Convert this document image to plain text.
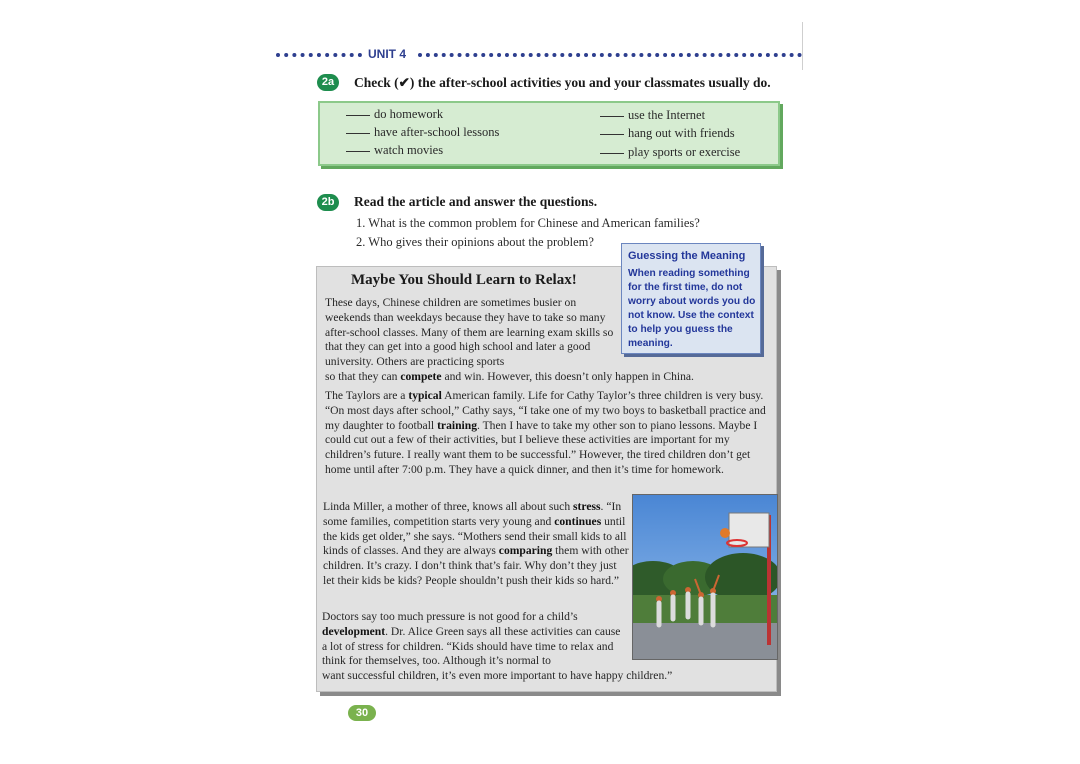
UNIT 4
2a	Check (✔) the after-school activities you and your classmates usually do.
do homework
have after-school lessons
watch movies
use the Internet
hang out with friends
play sports or exercise
2b	Read the article and answer the questions.
1. What is the common problem for Chinese and American families?
2. Who gives their opinions about the problem?
Maybe You Should Learn to Relax!

These days, Chinese children are sometimes busier on weekends than weekdays because they have to take so many after-school classes. Many of them are learning exam skills so that they can get into a good high school and later a good university. Others are practicing sports

so that they can compete and win. However, this doesn’t only happen in China.

The Taylors are a typical American family. Life for Cathy Taylor’s three children is very busy. “On most days after school,” Cathy says, “I take one of my two boys to basketball practice and my daughter to football training. Then I have to take my other son to piano lessons. Maybe I could cut out a few of their activities, but I believe these activities are important for my children’s future. I really want them to be successful.” However, the tired children don’t get home until after 7:00 p.m. They have a quick dinner, and then it’s time for homework.

Linda Miller, a mother of three, knows all about such stress. “In some families, competition starts very young and continues until the kids get older,” she says. “Mothers send their small kids to all kinds of classes. And they are always comparing them with other children. It’s crazy. I don’t think that’s fair. Why don’t they just let their kids be kids? People shouldn’t push their kids so hard.”

Doctors say too much pressure is not good for a child’s development. Dr. Alice Green says all these activities can cause a lot of stress for children. “Kids should have time to relax and think for themselves, too. Although it’s normal to

want successful children, it’s even more important to have happy children.”

Guessing the Meaning
When reading something for the first time, do not worry about words you do not know. Use the context to help you guess the meaning.
30
